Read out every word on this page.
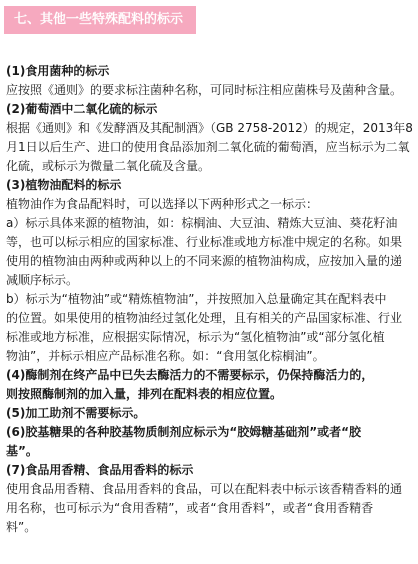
七、其他一些特殊配料的标示

(1)食用菌种的标示

应按照《通则》的要求标注菌种名称，可同时标注相应菌株号及菌种含量。

(2)葡萄酒中二氧化硫的标示

根据《通则》和《发酵酒及其配制酒》（GB 2758-2012）的规定，2013年8

月1日以后生产、进口的使用食品添加剂二氧化硫的葡萄酒，应当标示为二氧

化硫，或标示为微量二氧化硫及含量。

(3)植物油配料的标示

植物油作为食品配料时，可以选择以下两种形式之一标示：

a）标示具体来源的植物油，如：棕榈油、大豆油、精炼大豆油、葵花籽油

等，也可以标示相应的国家标准、行业标准或地方标准中规定的名称。如果

使用的植物油由两种或两种以上的不同来源的植物油构成，应按加入量的递

减顺序标示。

b）标示为“植物油”或“精炼植物油”，并按照加入总量确定其在配料表中

的位置。如果使用的植物油经过氢化处理，且有相关的产品国家标准、行业

标准或地方标准，应根据实际情况，标示为“氢化植物油”或“部分氢化植

物油”，并标示相应产品标准名称。如：“食用氢化棕榈油”。

(4)酶制剂在终产品中已失去酶活力的不需要标示，仍保持酶活力的，

则按照酶制剂的加入量，排列在配料表的相应位置。

(5)加工助剂不需要标示。

(6)胶基糖果的各种胶基物质制剂应标示为“胶姆糖基础剂”或者“胶

基”。

(7)食品用香精、食品用香料的标示

使用食品用香精、食品用香料的食品，可以在配料表中标示该香精香料的通

用名称，也可标示为“食用香精”，或者“食用香料”，或者“食用香精香

料”。
